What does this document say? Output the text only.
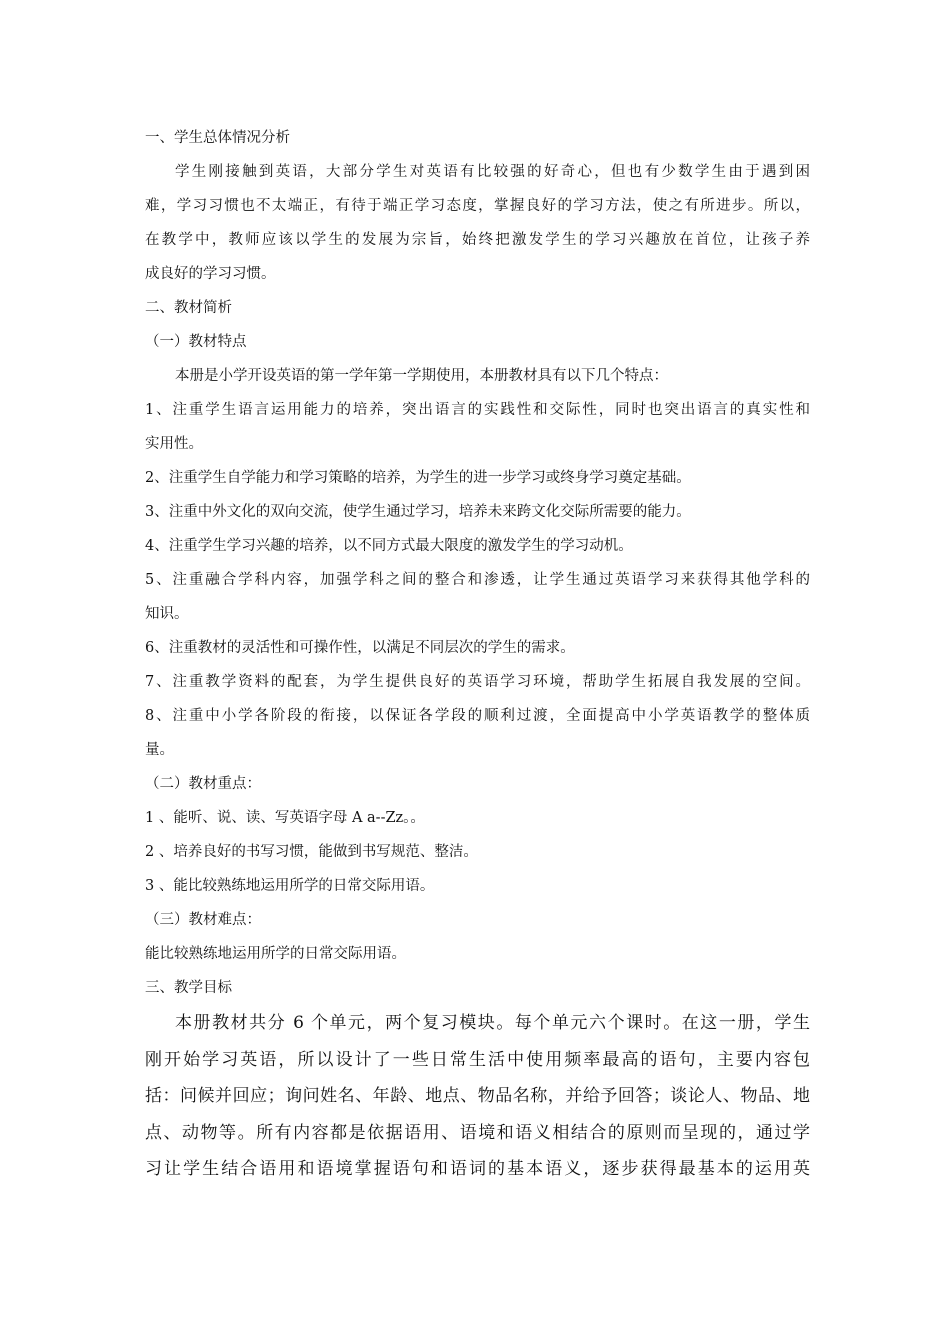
一、学生总体情况分析
学生刚接触到英语，大部分学生对英语有比较强的好奇心，但也有少数学生由于遇到困
难，学习习惯也不太端正，有待于端正学习态度，掌握良好的学习方法，使之有所进步。所以，
在教学中，教师应该以学生的发展为宗旨，始终把激发学生的学习兴趣放在首位，让孩子养
成良好的学习习惯。
二、教材简析
（一）教材特点
本册是小学开设英语的第一学年第一学期使用，本册教材具有以下几个特点：
1、注重学生语言运用能力的培养，突出语言的实践性和交际性，同时也突出语言的真实性和
实用性。
2、注重学生自学能力和学习策略的培养，为学生的进一步学习或终身学习奠定基础。
3、注重中外文化的双向交流，使学生通过学习，培养未来跨文化交际所需要的能力。
4、注重学生学习兴趣的培养，以不同方式最大限度的激发学生的学习动机。
5、注重融合学科内容，加强学科之间的整合和渗透，让学生通过英语学习来获得其他学科的
知识。
6、注重教材的灵活性和可操作性，以满足不同层次的学生的需求。
7、注重教学资料的配套，为学生提供良好的英语学习环境，帮助学生拓展自我发展的空间。
8、注重中小学各阶段的衔接，以保证各学段的顺利过渡，全面提高中小学英语教学的整体质
量。
（二）教材重点：
1 、能听、说、读、写英语字母 A a--Zz。。
2 、培养良好的书写习惯，能做到书写规范、整洁。
3 、能比较熟练地运用所学的日常交际用语。
（三）教材难点：
能比较熟练地运用所学的日常交际用语。
三、教学目标
本册教材共分 6 个单元，两个复习模块。每个单元六个课时。在这一册，学生
刚开始学习英语，所以设计了一些日常生活中使用频率最高的语句，主要内容包
括：问候并回应；询问姓名、年龄、地点、物品名称，并给予回答；谈论人、物品、地
点、动物等。所有内容都是依据语用、语境和语义相结合的原则而呈现的，通过学
习让学生结合语用和语境掌握语句和语词的基本语义，逐步获得最基本的运用英
